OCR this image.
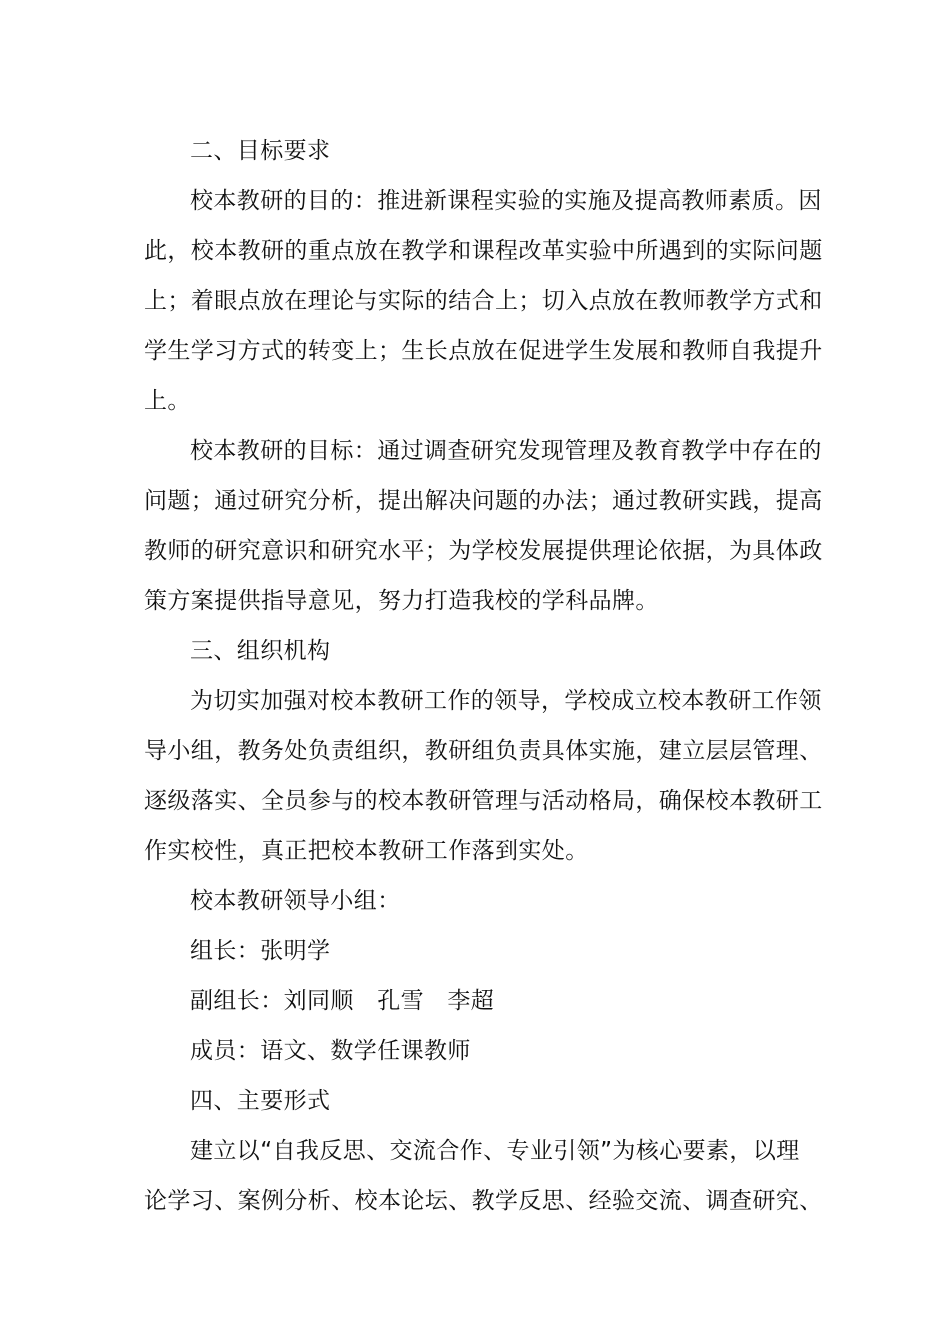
二、目标要求
校本教研的目的：推进新课程实验的实施及提高教师素质。因
此，校本教研的重点放在教学和课程改革实验中所遇到的实际问题
上；着眼点放在理论与实际的结合上；切入点放在教师教学方式和
学生学习方式的转变上；生长点放在促进学生发展和教师自我提升
上。
校本教研的目标：通过调查研究发现管理及教育教学中存在的
问题；通过研究分析，提出解决问题的办法；通过教研实践，提高
教师的研究意识和研究水平；为学校发展提供理论依据，为具体政
策方案提供指导意见，努力打造我校的学科品牌。
三、组织机构
为切实加强对校本教研工作的领导，学校成立校本教研工作领
导小组，教务处负责组织，教研组负责具体实施，建立层层管理、
逐级落实、全员参与的校本教研管理与活动格局，确保校本教研工
作实校性，真正把校本教研工作落到实处。
校本教研领导小组：
组长：张明学
副组长：刘同顺　孔雪　李超
成员：语文、数学任课教师
四、主要形式
建立以“自我反思、交流合作、专业引领”为核心要素，以理
论学习、案例分析、校本论坛、教学反思、经验交流、调查研究、
